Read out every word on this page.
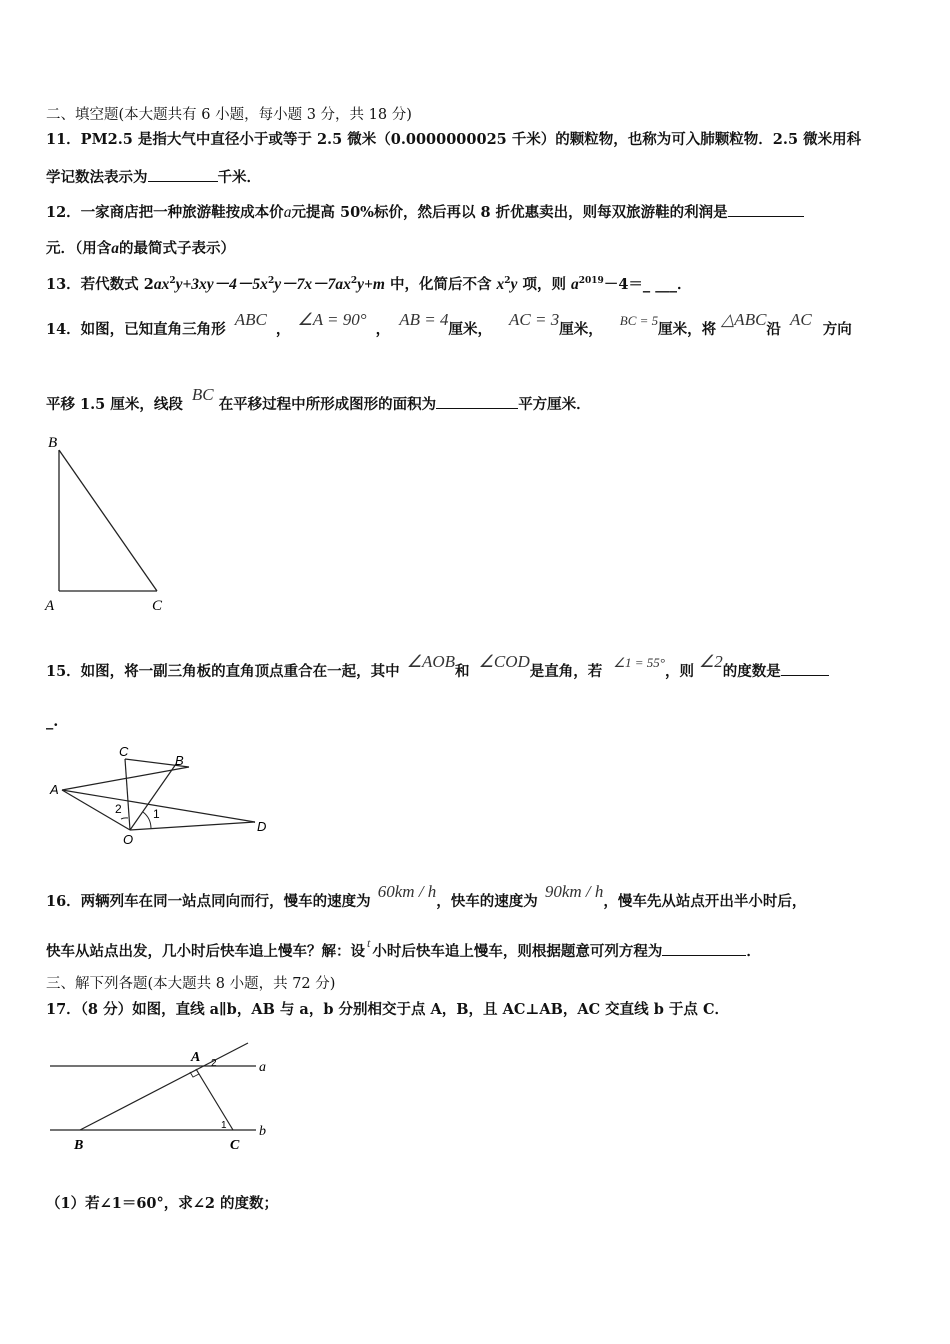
二、填空题(本大题共有 6 小题，每小题 3 分，共 18 分)
11．PM2.5 是指大气中直径小于或等于 2.5 微米（0.0000000025 千米）的颗粒物，也称为可入肺颗粒物．2.5 微米用科
学记数法表示为	千米．
12．一家商店把一种旅游鞋按成本价a元提高 50%标价，然后再以 8 折优惠卖出，则每双旅游鞋的利润是
元．（用含a的最简式子表示）
13．若代数式 $2ax^2y+3xy-4-5x^2y-7x-7ax^2y+m$ 中，化简后不含 $x^2y$ 项，则 $a^{2019}-4=\_$ ___．
14．如图，已知直角三角形 ABC ， ∠A = 90° ， AB = 4厘米， AC = 3厘米， BC = 5厘米，将 △ABC沿 AC 方向
平移 1.5 厘米，线段 BC 在平移过程中所形成图形的面积为	平方厘米．
B
A	C
15．如图，将一副三角板的直角顶点重合在一起，其中 ∠AOB和 ∠COD是直角，若 ∠1 = 55°，则 ∠2的度数是
_.
A
C
B
D
O
1
2
16．两辆列车在同一站点同向而行，慢车的速度为 60km / h，快车的速度为 90km / h，慢车先从站点开出半小时后，
快车从站点出发，几小时后快车追上慢车？解：设 $^t$ 小时后快车追上慢车，则根据题意可列方程为	．
三、解下列各题(本大题共 8 小题，共 72 分)
17．（8 分）如图，直线 a∥b，AB 与 a，b 分别相交于点 A，B，且 AC⊥AB，AC 交直线 b 于点 C．
A
a
b
B	C
1
2
（1）若∠1＝60°，求∠2 的度数；
